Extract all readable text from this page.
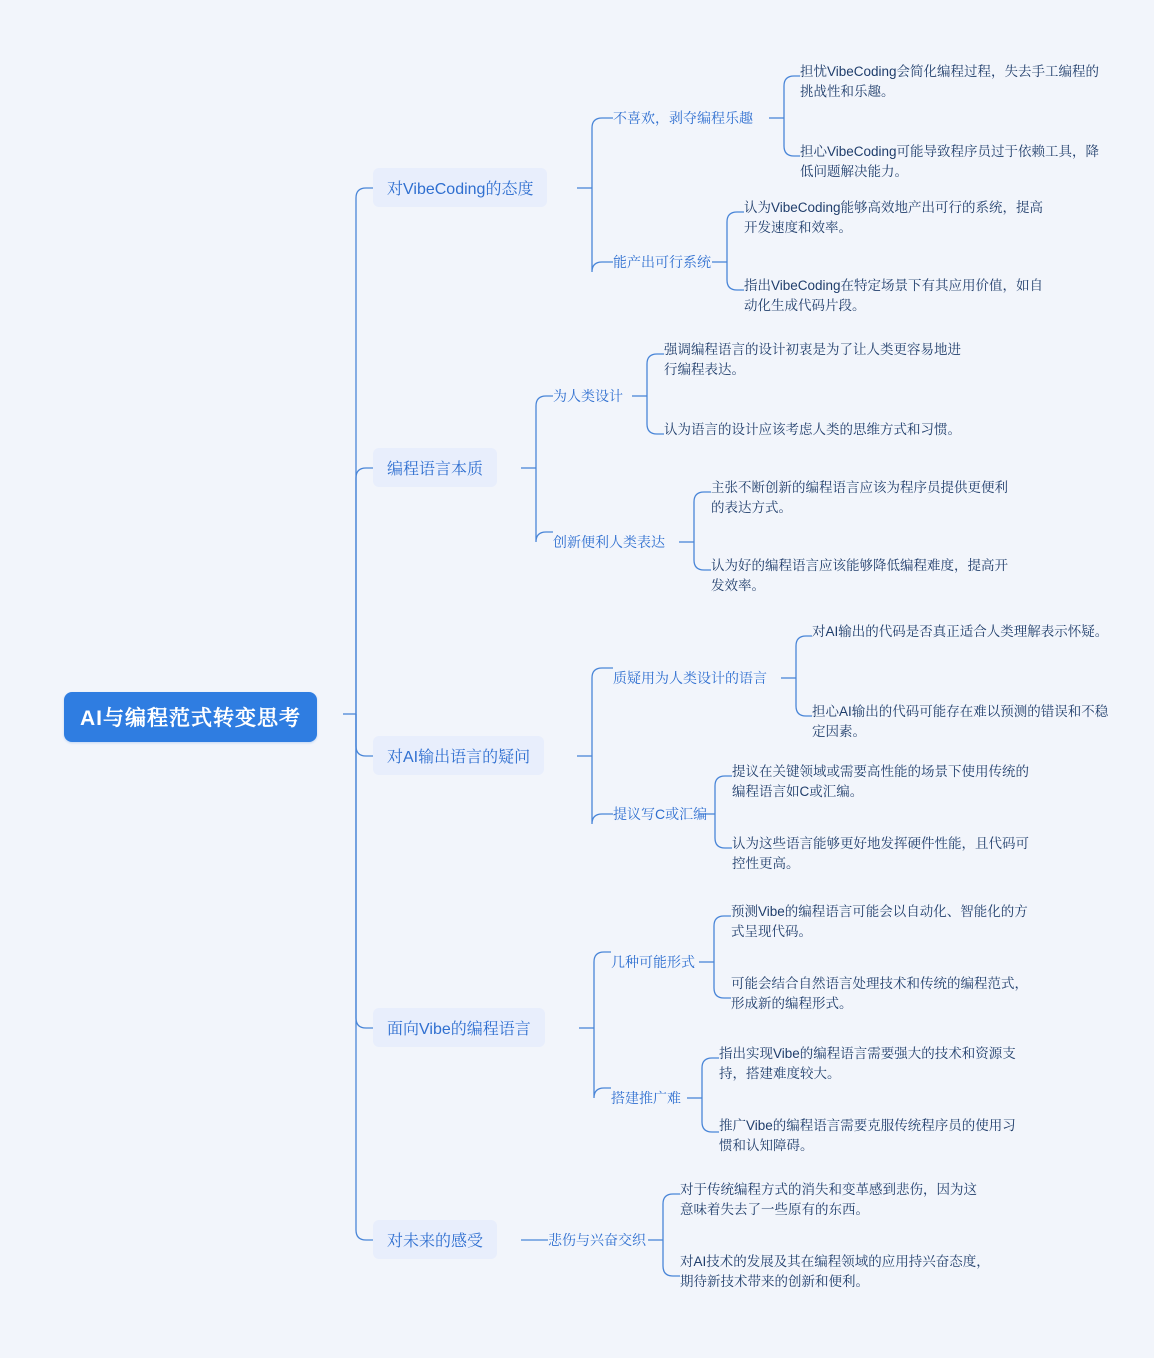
AI与编程范式转变思考
对VibeCoding的态度
不喜欢，剥夺编程乐趣
担忧VibeCoding会简化编程过程，失去手工编程的挑战性和乐趣。
担心VibeCoding可能导致程序员过于依赖工具，降低问题解决能力。
能产出可行系统
认为VibeCoding能够高效地产出可行的系统，提高开发速度和效率。
指出VibeCoding在特定场景下有其应用价值，如自动化生成代码片段。
编程语言本质
为人类设计
强调编程语言的设计初衷是为了让人类更容易地进行编程表达。
认为语言的设计应该考虑人类的思维方式和习惯。
创新便利人类表达
主张不断创新的编程语言应该为程序员提供更便利的表达方式。
认为好的编程语言应该能够降低编程难度，提高开发效率。
对AI输出语言的疑问
质疑用为人类设计的语言
对AI输出的代码是否真正适合人类理解表示怀疑。
担心AI输出的代码可能存在难以预测的错误和不稳定因素。
提议写C或汇编
提议在关键领域或需要高性能的场景下使用传统的编程语言如C或汇编。
认为这些语言能够更好地发挥硬件性能，且代码可控性更高。
面向Vibe的编程语言
几种可能形式
预测Vibe的编程语言可能会以自动化、智能化的方式呈现代码。
可能会结合自然语言处理技术和传统的编程范式，形成新的编程形式。
搭建推广难
指出实现Vibe的编程语言需要强大的技术和资源支持，搭建难度较大。
推广Vibe的编程语言需要克服传统程序员的使用习惯和认知障碍。
对未来的感受	悲伤与兴奋交织
对于传统编程方式的消失和变革感到悲伤，因为这意味着失去了一些原有的东西。
对AI技术的发展及其在编程领域的应用持兴奋态度，期待新技术带来的创新和便利。
